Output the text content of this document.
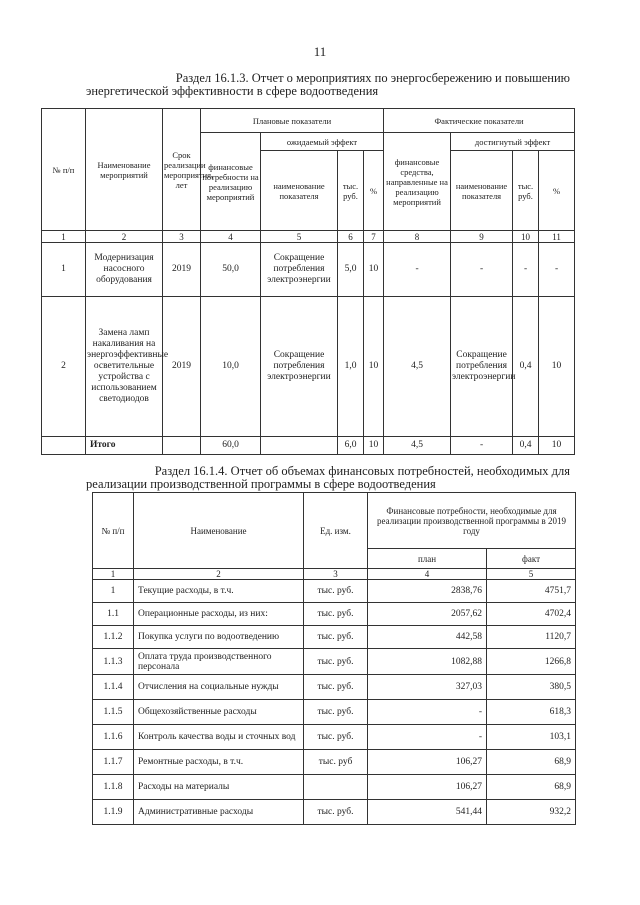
11
Раздел 16.1.3. Отчет о мероприятиях по энергосбережению и повышению
энергетической эффективности в сфере водоотведения
№ п/п	Наименование мероприятий	Срок реализации мероприятия, лет	Плановые показатели				Фактические показатели			
			финансовые потребности на реализацию мероприятий	ожидаемый эффект			финансовые средства, направленные на реализацию мероприятий	достигнутый эффект		
				наименование показателя	тыс. руб.	%		наименование показателя	тыс. руб.	%
1	2	3	4	5	6	7	8	9	10	11
1	Модернизация насосного оборудования	2019	50,0	Сокращение потребления электроэнергии	5,0	10	-	-	-	-
2	Замена ламп накаливания на энергоэффективные осветительные устройства с использованием светодиодов	2019	10,0	Сокращение потребления электроэнергии	1,0	10	4,5	Сокращение потребления электроэнергии	0,4	10
	Итого		60,0		6,0	10	4,5	-	0,4	10
Раздел 16.1.4. Отчет об объемах финансовых потребностей, необходимых для
реализации производственной программы в сфере водоотведения
№ п/п	Наименование	Ед. изм.	Финансовые потребности, необходимые для реализации производственной программы в 2019 году	
			план	факт
1	2	3	4	5
1	Текущие расходы, в т.ч.	тыс. руб.	2838,76	4751,7
1.1	Операционные расходы, из них:	тыс. руб.	2057,62	4702,4
1.1.2	Покупка услуги по водоотведению	тыс. руб.	442,58	1120,7
1.1.3	Оплата труда производственного персонала	тыс. руб.	1082,88	1266,8
1.1.4	Отчисления на социальные нужды	тыс. руб.	327,03	380,5
1.1.5	Общехозяйственные расходы	тыс. руб.	-	618,3
1.1.6	Контроль качества воды и сточных вод	тыс. руб.	-	103,1
1.1.7	Ремонтные расходы, в т.ч.	тыс. руб	106,27	68,9
1.1.8	Расходы на материалы		106,27	68,9
1.1.9	Административные расходы	тыс. руб.	541,44	932,2
